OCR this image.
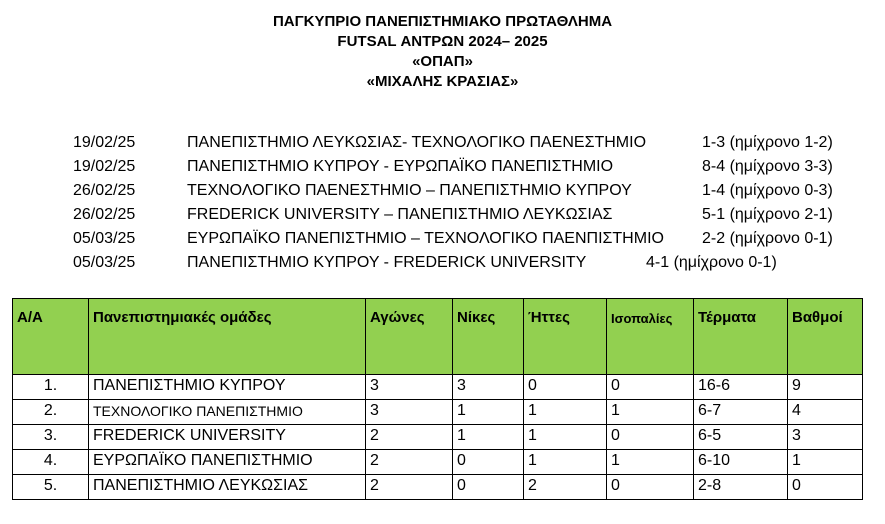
ΠΑΓΚΥΠΡΙΟ ΠΑΝΕΠΙΣΤΗΜΙΑΚΟ ΠΡΩΤΑΘΛΗΜΑ
FUTSAL ΑΝΤΡΩΝ 2024– 2025
«ΟΠΑΠ»
«ΜΙΧΑΛΗΣ ΚΡΑΣΙΑΣ»
19/02/25	ΠΑΝΕΠΙΣΤΗΜΙΟ ΛΕΥΚΩΣΙΑΣ- ΤΕΧΝΟΛΟΓΙΚΟ ΠΑΕΝΕΣΤΗΜΙΟ	1-3 (ημίχρονο 1-2)
19/02/25	ΠΑΝΕΠΙΣΤΗΜΙΟ ΚΥΠΡΟΥ - ΕΥΡΩΠΑΪΚΟ ΠΑΝΕΠΙΣΤΗΜΙΟ	8-4 (ημίχρονο 3-3)
26/02/25	ΤΕΧΝΟΛΟΓΙΚΟ ΠΑΕΝΕΣΤΗΜΙΟ – ΠΑΝΕΠΙΣΤΗΜΙΟ ΚΥΠΡΟΥ	1-4 (ημίχρονο 0-3)
26/02/25	FREDERICK UNIVERSITY – ΠΑΝΕΠΙΣΤΗΜΙΟ ΛΕΥΚΩΣΙΑΣ	5-1 (ημίχρονο 2-1)
05/03/25	ΕΥΡΩΠΑΪΚΟ ΠΑΝΕΠΙΣΤΗΜΙΟ – ΤΕΧΝΟΛΟΓΙΚΟ ΠΑΕΝΠΙΣΤΗΜΙΟ 2-2 (ημίχρονο 0-1)
05/03/25	ΠΑΝΕΠΙΣΤΗΜΙΟ ΚΥΠΡΟΥ - FREDERICK UNIVERSITY	4-1 (ημίχρονο 0-1)
Α/Α	Πανεπιστημιακές ομάδες	Αγώνες	Νίκες	Ήττες	Ισοπαλίες	Τέρματα	Βαθμοί
1.	ΠΑΝΕΠΙΣΤΗΜΙΟ ΚΥΠΡΟΥ	3	3	0	0	16-6	9
2.	ΤΕΧΝΟΛΟΓΙΚΟ ΠΑΝΕΠΙΣΤΗΜΙΟ	3	1	1	1	6-7	4
3.	FREDERICK UNIVERSITY	2	1	1	0	6-5	3
4.	ΕΥΡΩΠΑΪΚΟ ΠΑΝΕΠΙΣΤΗΜΙΟ	2	0	1	1	6-10	1
5.	ΠΑΝΕΠΙΣΤΗΜΙΟ ΛΕΥΚΩΣΙΑΣ	2	0	2	0	2-8	0
